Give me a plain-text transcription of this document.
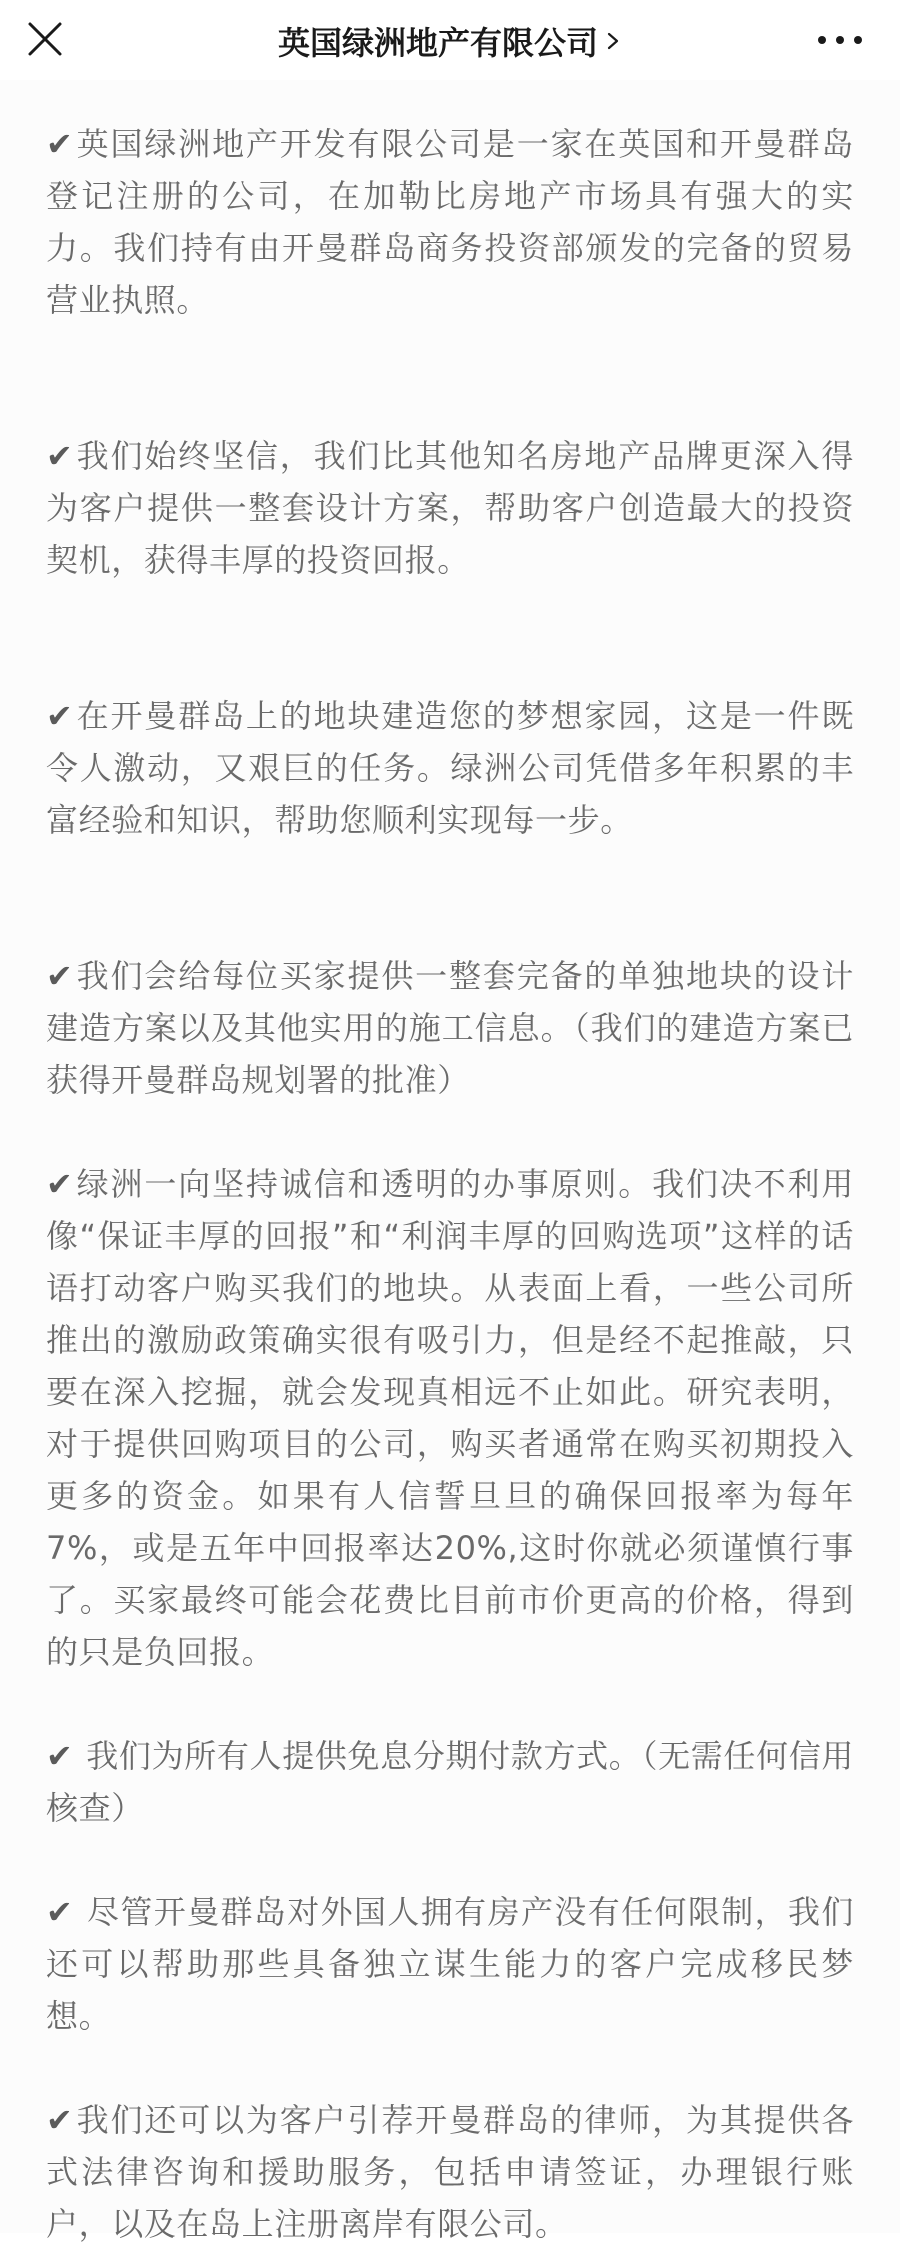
英国绿洲地产有限公司

✔英国绿洲地产开发有限公司是一家在英国和开曼群岛登记注册的公司，在加勒比房地产市场具有强大的实力。我们持有由开曼群岛商务投资部颁发的完备的贸易营业执照。

✔我们始终坚信，我们比其他知名房地产品牌更深入得为客户提供一整套设计方案，帮助客户创造最大的投资契机，获得丰厚的投资回报。

✔在开曼群岛上的地块建造您的梦想家园，这是一件既令人激动，又艰巨的任务。绿洲公司凭借多年积累的丰富经验和知识，帮助您顺利实现每一步。

✔我们会给每位买家提供一整套完备的单独地块的设计建造方案以及其他实用的施工信息。（我们的建造方案已获得开曼群岛规划署的批准）

✔绿洲一向坚持诚信和透明的办事原则。我们决不利用像“保证丰厚的回报”和“利润丰厚的回购选项”这样的话语打动客户购买我们的地块。从表面上看，一些公司所推出的激励政策确实很有吸引力，但是经不起推敲，只要在深入挖掘，就会发现真相远不止如此。研究表明，对于提供回购项目的公司，购买者通常在购买初期投入更多的资金。如果有人信誓旦旦的确保回报率为每年7%，或是五年中回报率达20%,这时你就必须谨慎行事了。买家最终可能会花费比目前市价更高的价格，得到的只是负回报。

✔ 我们为所有人提供免息分期付款方式。（无需任何信用核查）

✔ 尽管开曼群岛对外国人拥有房产没有任何限制，我们还可以帮助那些具备独立谋生能力的客户完成移民梦想。

✔我们还可以为客户引荐开曼群岛的律师，为其提供各式法律咨询和援助服务，包括申请签证，办理银行账户，以及在岛上注册离岸有限公司。
